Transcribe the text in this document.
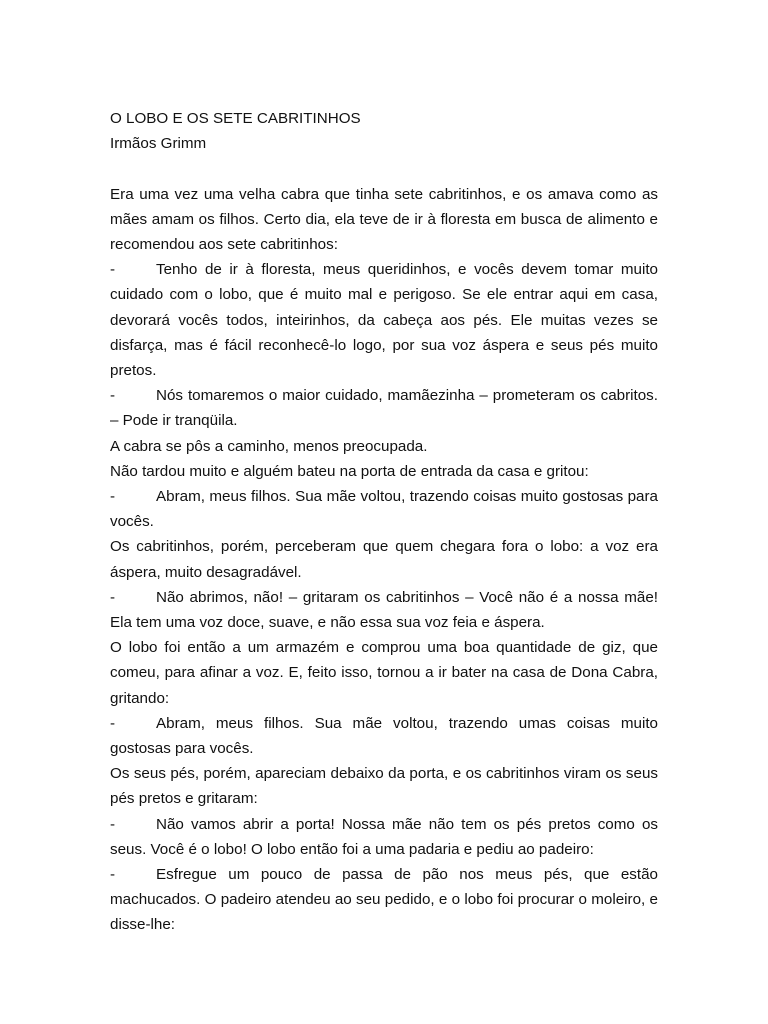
O LOBO E OS SETE CABRITINHOS

Irmãos Grimm

Era uma vez uma velha cabra que tinha sete cabritinhos, e os amava como as mães amam os filhos. Certo dia, ela teve de ir à floresta em busca de alimento e recomendou aos sete cabritinhos:

-	Tenho de ir à floresta, meus queridinhos, e vocês devem tomar muito cuidado com o lobo, que é muito mal e perigoso. Se ele entrar aqui em casa, devorará vocês todos, inteirinhos, da cabeça aos pés. Ele muitas vezes se disfarça, mas é fácil reconhecê-lo logo, por sua voz áspera e seus pés muito pretos.

-	Nós tomaremos o maior cuidado, mamãezinha – prometeram os cabritos. – Pode ir tranqüila.

A cabra se pôs a caminho, menos preocupada.

Não tardou muito e alguém bateu na porta de entrada da casa e gritou:

-	Abram, meus filhos. Sua mãe voltou, trazendo coisas muito gostosas para vocês.

Os cabritinhos, porém, perceberam que quem chegara fora o lobo: a voz era áspera, muito desagradável.

-	Não abrimos, não! – gritaram os cabritinhos – Você não é a nossa mãe! Ela tem uma voz doce, suave, e não essa sua voz feia e áspera.

O lobo foi então a um armazém e comprou uma boa quantidade de giz, que comeu, para afinar a voz. E, feito isso, tornou a ir bater na casa de Dona Cabra, gritando:

-	Abram, meus filhos. Sua mãe voltou, trazendo umas coisas muito gostosas para vocês.

Os seus pés, porém, apareciam debaixo da porta, e os cabritinhos viram os seus pés pretos e gritaram:

-	Não vamos abrir a porta! Nossa mãe não tem os pés pretos como os seus. Você é o lobo! O lobo então foi a uma padaria e pediu ao padeiro:

-	Esfregue um pouco de passa de pão nos meus pés, que estão machucados. O padeiro atendeu ao seu pedido, e o lobo foi procurar o moleiro, e disse-lhe:
